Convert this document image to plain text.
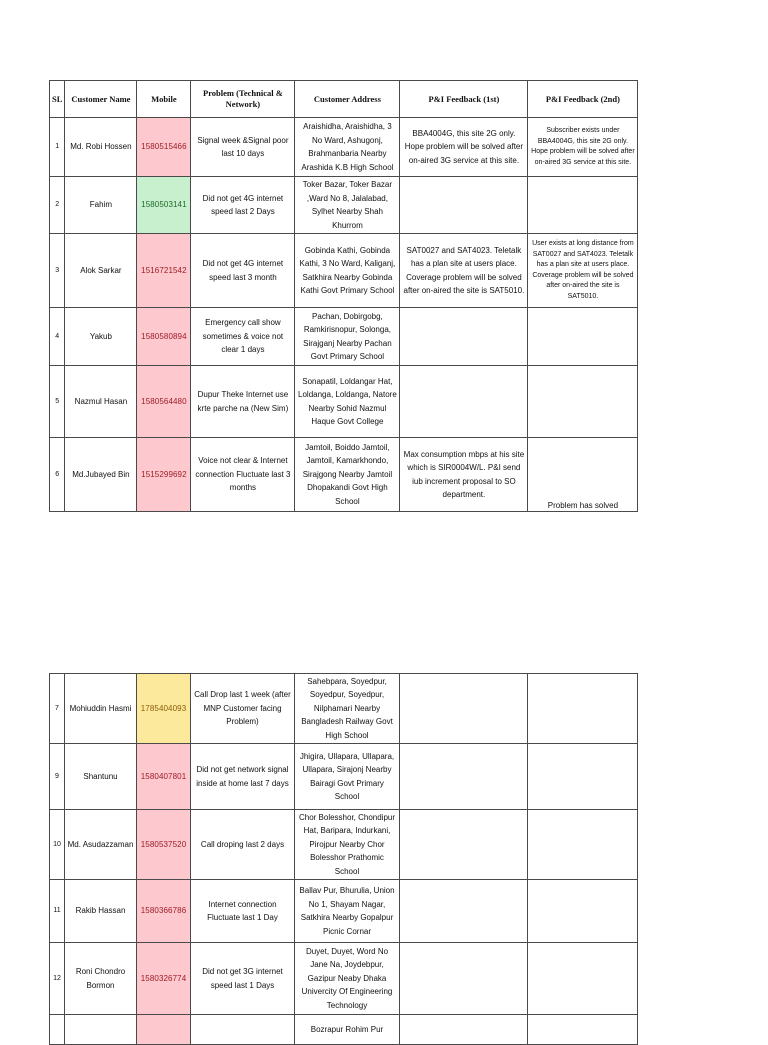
SL	Customer Name	Mobile	Problem (Technical & Network)	Customer Address	P&I Feedback (1st)	P&I Feedback (2nd)
1	Md. Robi Hossen	1580515466	Signal week &Signal poor last 10 days	Araishidha, Araishidha, 3 No Ward, Ashugonj, Brahmanbaria Nearby Arashida K.B High School	BBA4004G, this site 2G only. Hope problem will be solved after on-aired 3G service at this site.	Subscriber exists under BBA4004G, this site 2G only. Hope problem will be solved after on-aired 3G service at this site.
2	Fahim	1580503141	Did not get 4G internet speed last 2 Days	Toker Bazar, Toker Bazar ,Ward No 8, Jalalabad, Sylhet Nearby Shah Khurrom		
3	Alok Sarkar	1516721542	Did not get 4G internet speed last 3 month	Gobinda Kathi, Gobinda Kathi, 3 No Ward, Kaliganj, Satkhira Nearby Gobinda Kathi Govt Primary School	SAT0027 and SAT4023. Teletalk has a plan site at users place. Coverage problem will be solved after on-aired the site is SAT5010.	User exists at long distance from SAT0027 and SAT4023. Teletalk has a plan site at users place. Coverage problem will be solved after on-aired the site is SAT5010.
4	Yakub	1580580894	Emergency call show sometimes & voice not clear 1 days	Pachan, Dobirgobg, Ramkirisnopur, Solonga, Sirajganj Nearby Pachan Govt Primary School		
5	Nazmul Hasan	1580564480	Dupur Theke Internet use krte parche na (New Sim)	Sonapatil, Loldangar Hat, Loldanga, Loldanga, Natore Nearby Sohid Nazmul Haque Govt College		
6	Md.Jubayed Bin	1515299692	Voice not clear & Internet connection Fluctuate last 3 months	Jamtoil, Boiddo Jamtoil, Jamtoil, Kamarkhondo, Sirajgong Nearby Jamtoil Dhopakandi Govt High School	Max consumption mbps at his site which is SIR0004W/L. P&I send iub increment proposal to SO department.	Problem has solved
7	Mohiuddin Hasmi	1785404093	Call Drop last 1 week (after MNP Customer facing Problem)	Sahebpara, Soyedpur, Soyedpur, Soyedpur, Nilphamari Nearby Bangladesh Railway Govt High School		
9	Shantunu	1580407801	Did not get network signal inside at home last 7 days	Jhigira, Ullapara, Ullapara, Ullapara, Sirajonj Nearby Bairagi Govt Primary School		
10	Md. Asudazzaman	1580537520	Call droping last 2 days	Chor Bolesshor, Chondipur Hat, Baripara, Indurkani, Pirojpur Nearby Chor Bolesshor Prathomic School		
11	Rakib Hassan	1580366786	Internet connection Fluctuate last 1 Day	Ballav Pur, Bhurulia, Union No 1, Shayam Nagar, Satkhira Nearby Gopalpur Picnic Cornar		
12	Roni Chondro Bormon	1580326774	Did not get 3G internet speed last 1 Days	Duyet, Duyet, Word No Jane Na, Joydebpur, Gazipur Neaby Dhaka Univercity Of Engineering Technology		
				Bozrapur Rohim Pur		
